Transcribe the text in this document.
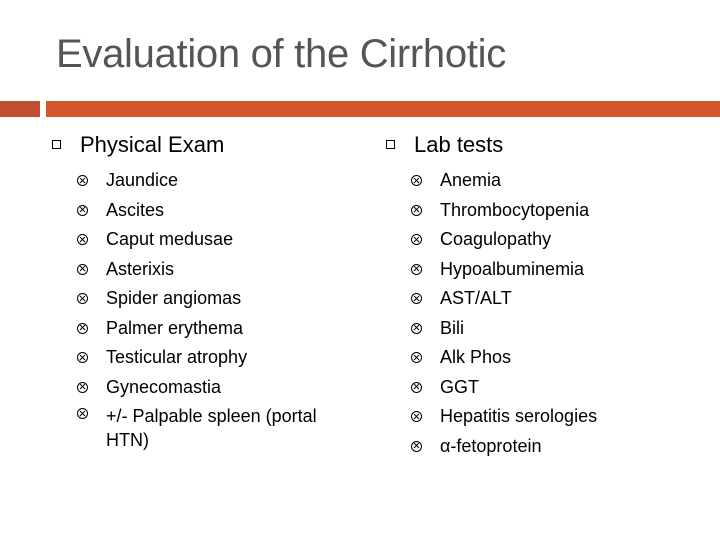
Evaluation of the Cirrhotic
Physical Exam
Jaundice
Ascites
Caput medusae
Asterixis
Spider angiomas
Palmer erythema
Testicular atrophy
Gynecomastia
+/- Palpable spleen (portal HTN)
Lab tests
Anemia
Thrombocytopenia
Coagulopathy
Hypoalbuminemia
AST/ALT
Bili
Alk Phos
GGT
Hepatitis serologies
α-fetoprotein
